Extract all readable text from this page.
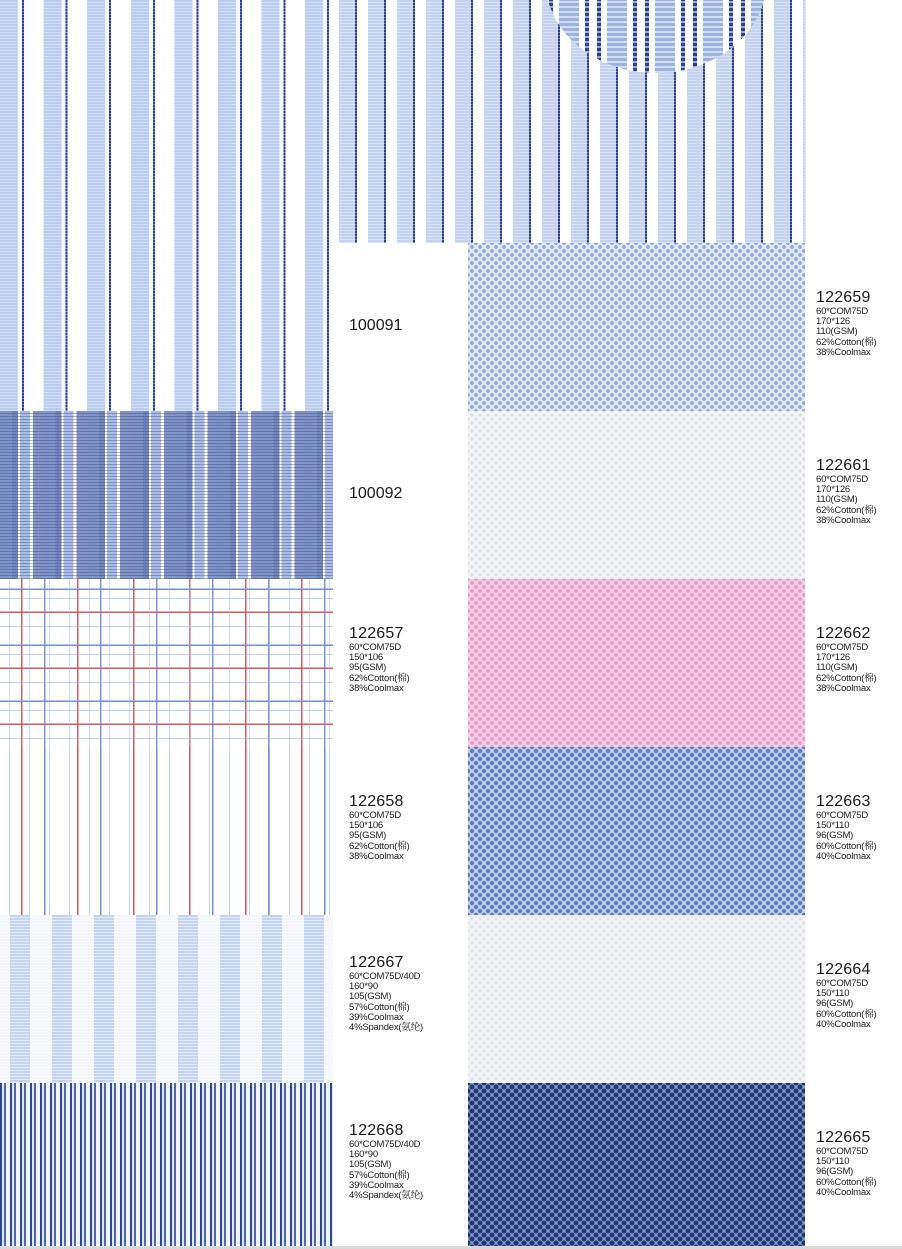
100091
100092
122657
60*COM75D
150*106
95(GSM)
62%Cotton(棉)
38%Coolmax
122658
60*COM75D
150*106
95(GSM)
62%Cotton(棉)
38%Coolmax
122667
60*COM75D/40D
160*90
105(GSM)
57%Cotton(棉)
39%Coolmax
4%Spandex(氨纶)
122668
60*COM75D/40D
160*90
105(GSM)
57%Cotton(棉)
39%Coolmax
4%Spandex(氨纶)
122659
60*COM75D
170*126
110(GSM)
62%Cotton(棉)
38%Coolmax
122661
60*COM75D
170*126
110(GSM)
62%Cotton(棉)
38%Coolmax
122662
60*COM75D
170*126
110(GSM)
62%Cotton(棉)
38%Coolmax
122663
60*COM75D
150*110
96(GSM)
60%Cotton(棉)
40%Coolmax
122664
60*COM75D
150*110
96(GSM)
60%Cotton(棉)
40%Coolmax
122665
60*COM75D
150*110
96(GSM)
60%Cotton(棉)
40%Coolmax
